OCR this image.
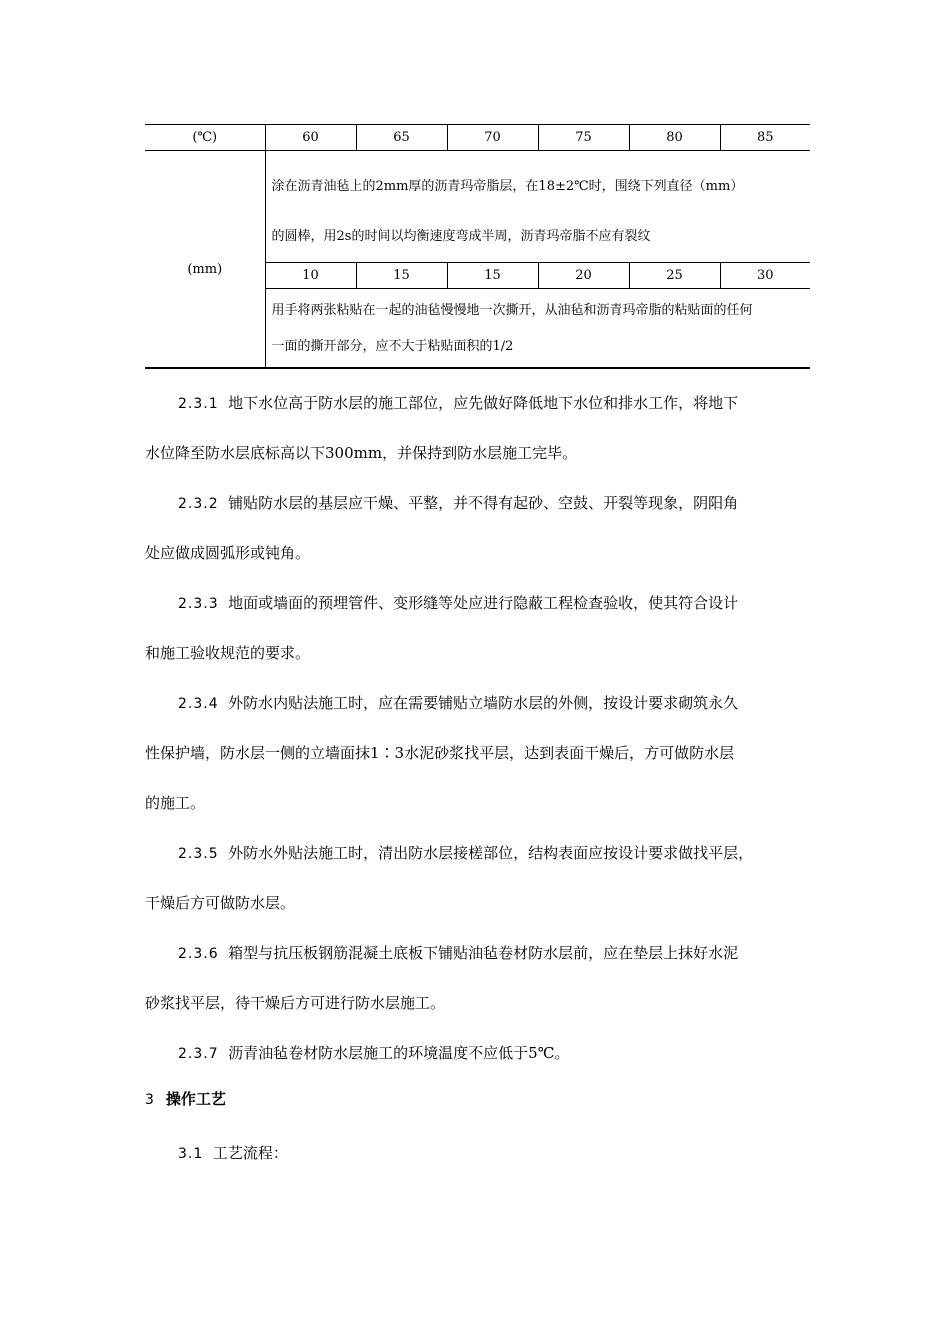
(℃)	60	65	70	75	80	85

(mm)	涂在沥青油毡上的2mm厚的沥青玛帝脂层，在18±2℃时，围绕下列直径（mm）
的圆棒，用2s的时间以均衡速度弯成半周，沥青玛帝脂不应有裂纹					

	10	15	15	20	25	30

	用手将两张粘贴在一起的油毡慢慢地一次撕开，从油毡和沥青玛帝脂的粘贴面的任何
一面的撕开部分，应不大于粘贴面积的1/2					
2.3.1 地下水位高于防水层的施工部位，应先做好降低地下水位和排水工作，将地下
水位降至防水层底标高以下300mm，并保持到防水层施工完毕。
2.3.2 铺贴防水层的基层应干燥、平整，并不得有起砂、空鼓、开裂等现象，阴阳角
处应做成圆弧形或钝角。
2.3.3 地面或墙面的预埋管件、变形缝等处应进行隐蔽工程检查验收，使其符合设计
和施工验收规范的要求。
2.3.4 外防水内贴法施工时，应在需要铺贴立墙防水层的外侧，按设计要求砌筑永久
性保护墙，防水层一侧的立墙面抹1∶3水泥砂浆找平层，达到表面干燥后，方可做防水层
的施工。
2.3.5 外防水外贴法施工时，清出防水层接槎部位，结构表面应按设计要求做找平层，
干燥后方可做防水层。
2.3.6 箱型与抗压板钢筋混凝土底板下铺贴油毡卷材防水层前，应在垫层上抹好水泥
砂浆找平层，待干燥后方可进行防水层施工。
2.3.7 沥青油毡卷材防水层施工的环境温度不应低于5℃。
3 操作工艺
3.1 工艺流程：
